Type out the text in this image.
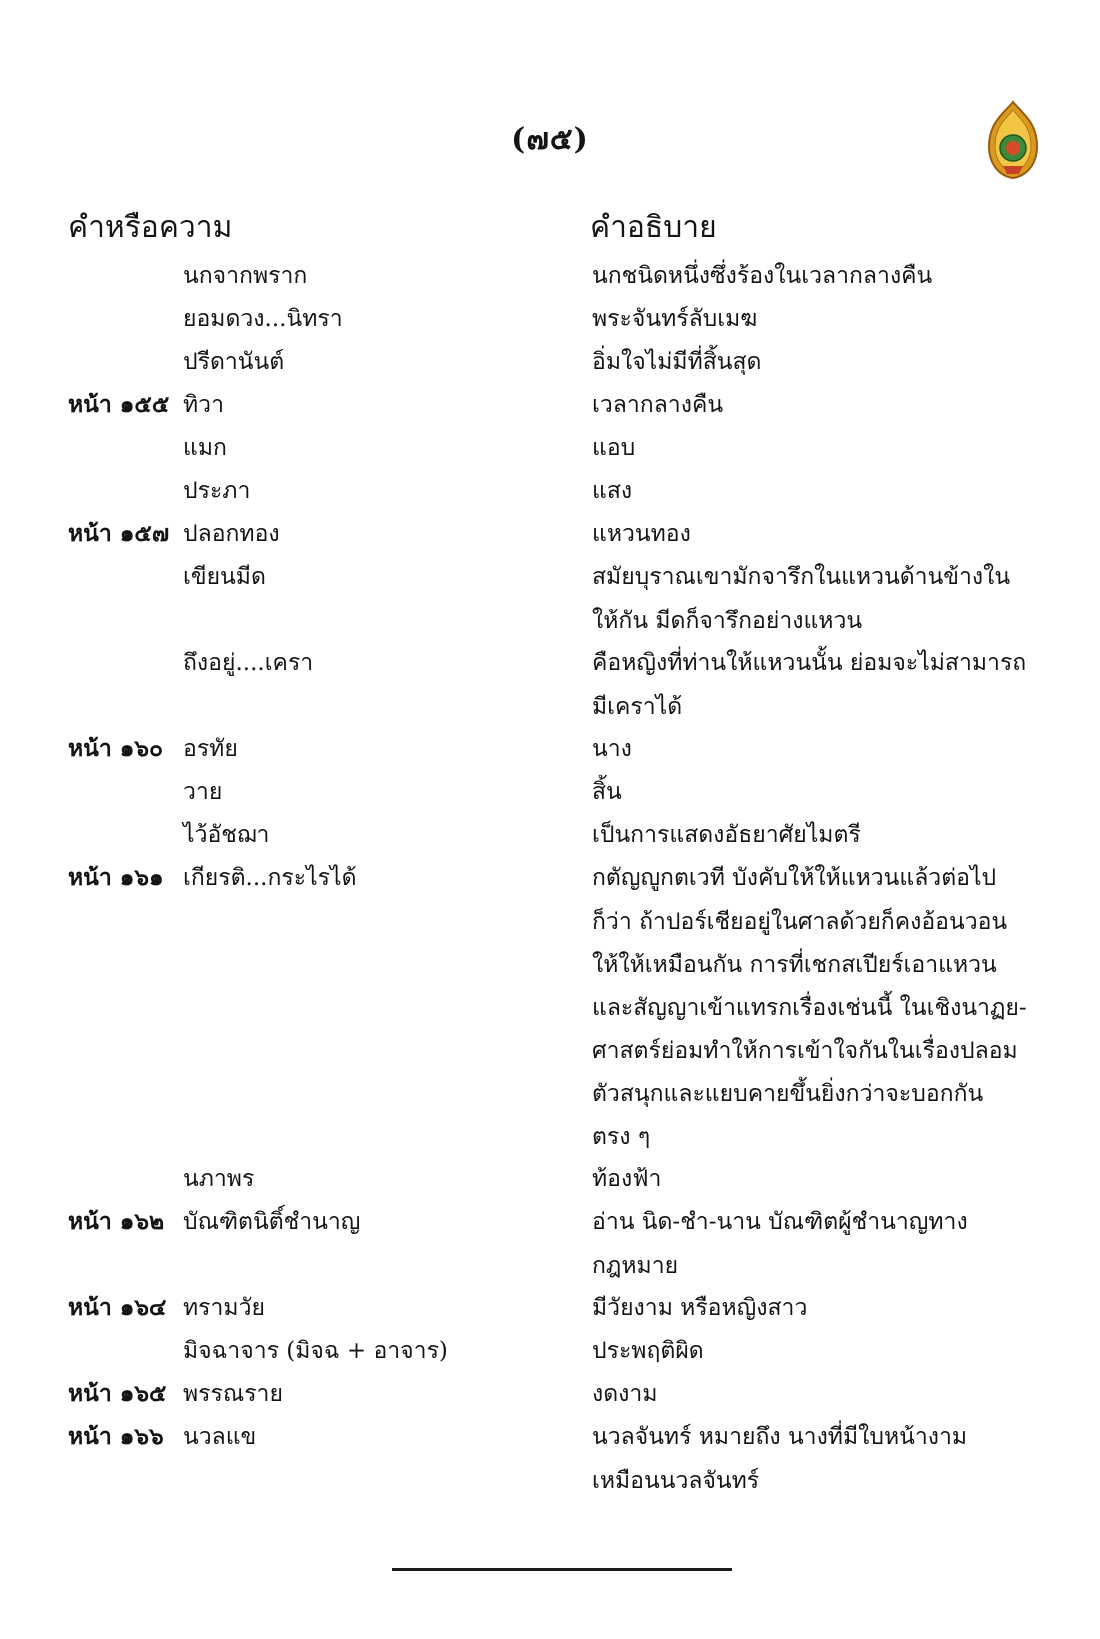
(๗๕)
คำหรือความ	คำอธิบาย
นกจากพราก	นกชนิดหนึ่งซึ่งร้องในเวลากลางคืน
ยอมดวง...นิทรา	พระจันทร์ลับเมฆ
ปรีดานันต์	อิ่มใจไม่มีที่สิ้นสุด
หน้า ๑๕๕ ทิวา	เวลากลางคืน
แมก	แอบ
ประภา	แสง
หน้า ๑๕๗ ปลอกทอง	แหวนทอง
เขียนมีด	สมัยบุราณเขามักจารึกในแหวนด้านข้างใน
ให้กัน มีดก็จารึกอย่างแหวน
ถึงอยู่....เครา	คือหญิงที่ท่านให้แหวนนั้น ย่อมจะไม่สามารถ
มีเคราได้
หน้า ๑๖๐ อรทัย	นาง
วาย	สิ้น
ไว้อัชฌา	เป็นการแสดงอัธยาศัยไมตรี
หน้า ๑๖๑ เกียรติ...กระไรได้	กตัญญูกตเวที บังคับให้ให้แหวนแล้วต่อไป
ก็ว่า ถ้าปอร์เชียอยู่ในศาลด้วยก็คงอ้อนวอน
ให้ให้เหมือนกัน การที่เชกสเปียร์เอาแหวน
และสัญญาเข้าแทรกเรื่องเช่นนี้ ในเชิงนาฏย-
ศาสตร์ย่อมทำให้การเข้าใจกันในเรื่องปลอม
ตัวสนุกและแยบคายขึ้นยิ่งกว่าจะบอกกัน
ตรง ๆ
นภาพร	ท้องฟ้า
หน้า ๑๖๒ บัณฑิตนิติ์ชำนาญ	อ่าน นิด-ชำ-นาน บัณฑิตผู้ชำนาญทาง
กฎหมาย
หน้า ๑๖๔ ทรามวัย	มีวัยงาม หรือหญิงสาว
มิจฉาจาร (มิจฉ + อาจาร)	ประพฤติผิด
หน้า ๑๖๕ พรรณราย	งดงาม
หน้า ๑๖๖ นวลแข	นวลจันทร์ หมายถึง นางที่มีใบหน้างาม
เหมือนนวลจันทร์
